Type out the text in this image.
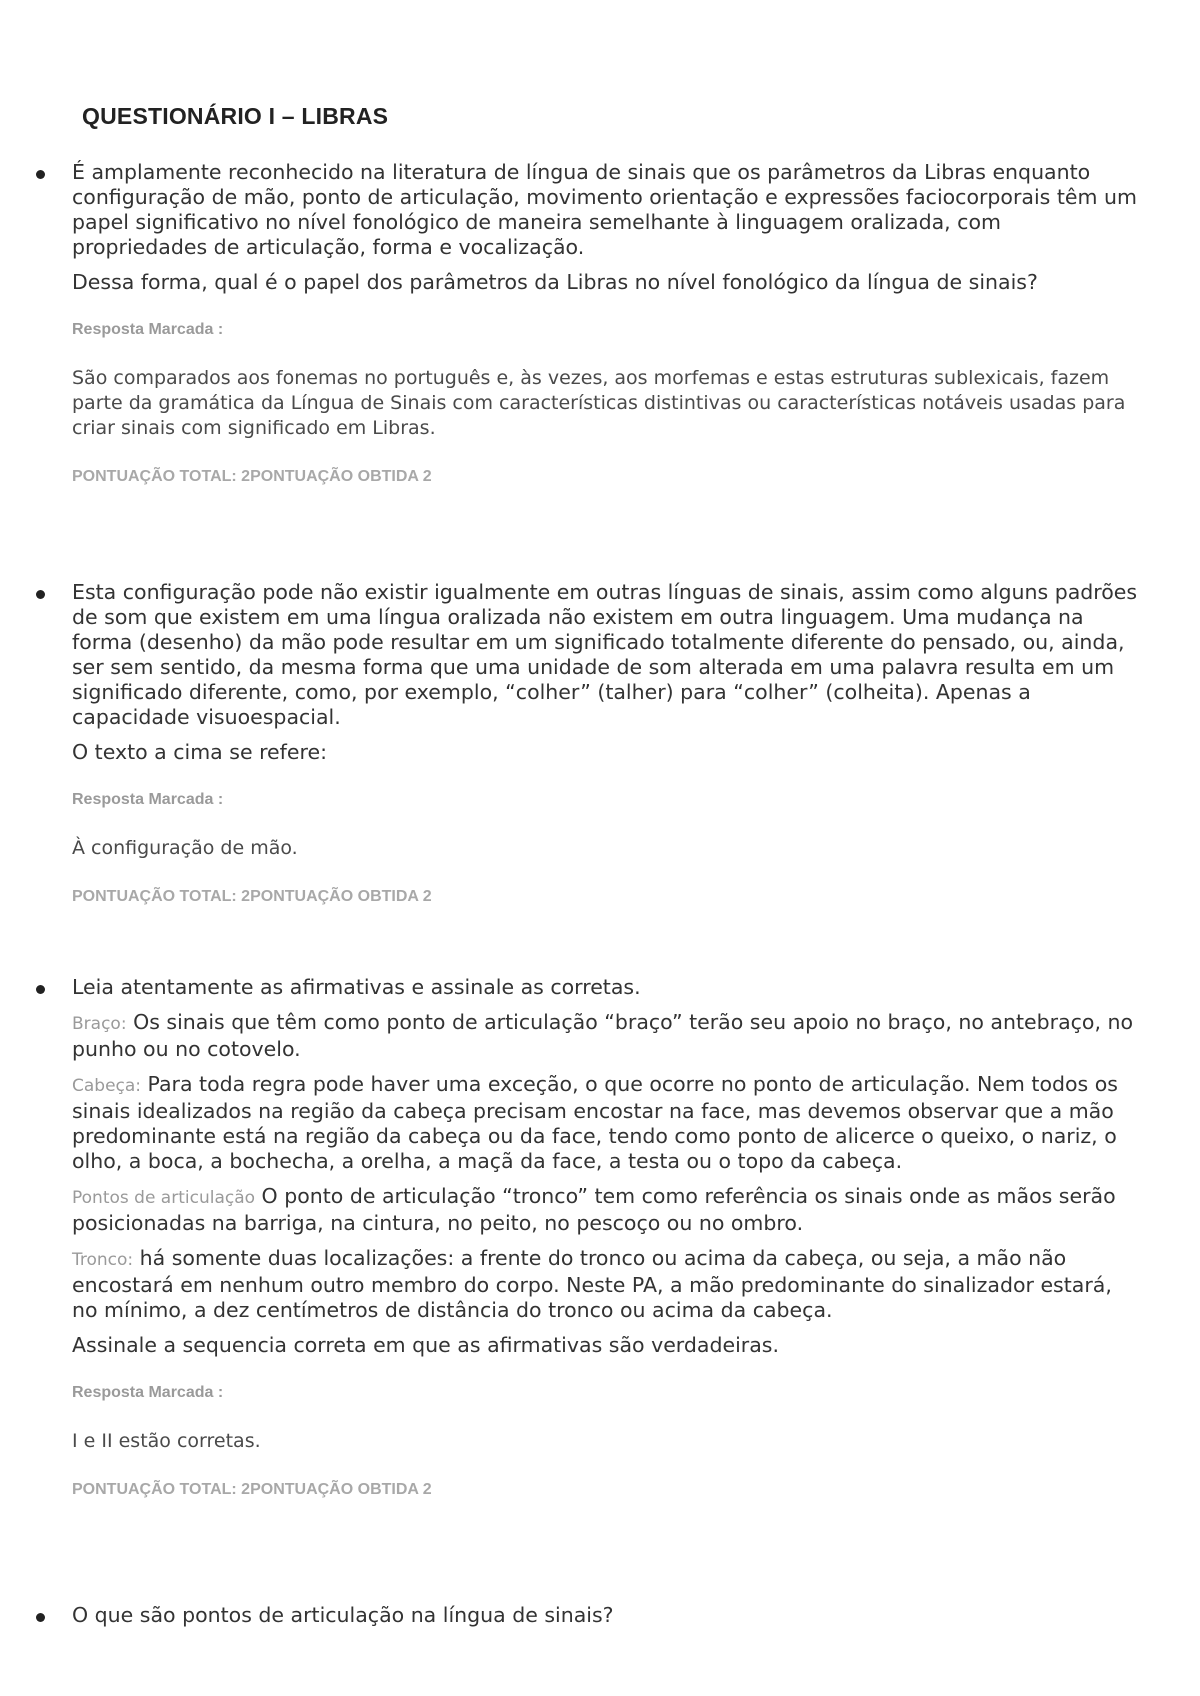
QUESTIONÁRIO I – LIBRAS

É amplamente reconhecido na literatura de língua de sinais que os parâmetros da Libras enquanto configuração de mão, ponto de articulação, movimento orientação e expressões faciocorporais têm um papel significativo no nível fonológico de maneira semelhante à linguagem oralizada, com propriedades de articulação, forma e vocalização.

Dessa forma, qual é o papel dos parâmetros da Libras no nível fonológico da língua de sinais?

Resposta Marcada :

São comparados aos fonemas no português e, às vezes, aos morfemas e estas estruturas sublexicais, fazem parte da gramática da Língua de Sinais com características distintivas ou características notáveis usadas para criar sinais com significado em Libras.

PONTUAÇÃO TOTAL: 2PONTUAÇÃO OBTIDA 2

Esta configuração pode não existir igualmente em outras línguas de sinais, assim como alguns padrões de som que existem em uma língua oralizada não existem em outra linguagem. Uma mudança na forma (desenho) da mão pode resultar em um significado totalmente diferente do pensado, ou, ainda, ser sem sentido, da mesma forma que uma unidade de som alterada em uma palavra resulta em um significado diferente, como, por exemplo, “colher” (talher) para “colher” (colheita). Apenas a capacidade visuoespacial.

O texto a cima se refere:

Resposta Marcada :

À configuração de mão.

PONTUAÇÃO TOTAL: 2PONTUAÇÃO OBTIDA 2

Leia atentamente as afirmativas e assinale as corretas.

Braço: Os sinais que têm como ponto de articulação “braço” terão seu apoio no braço, no antebraço, no punho ou no cotovelo.

Cabeça: Para toda regra pode haver uma exceção, o que ocorre no ponto de articulação. Nem todos os sinais idealizados na região da cabeça precisam encostar na face, mas devemos observar que a mão predominante está na região da cabeça ou da face, tendo como ponto de alicerce o queixo, o nariz, o olho, a boca, a bochecha, a orelha, a maçã da face, a testa ou o topo da cabeça.

Pontos de articulação O ponto de articulação “tronco” tem como referência os sinais onde as mãos serão posicionadas na barriga, na cintura, no peito, no pescoço ou no ombro.

Tronco: há somente duas localizações: a frente do tronco ou acima da cabeça, ou seja, a mão não encostará em nenhum outro membro do corpo. Neste PA, a mão predominante do sinalizador estará, no mínimo, a dez centímetros de distância do tronco ou acima da cabeça.

Assinale a sequencia correta em que as afirmativas são verdadeiras.

Resposta Marcada :

I e II estão corretas.

PONTUAÇÃO TOTAL: 2PONTUAÇÃO OBTIDA 2

O que são pontos de articulação na língua de sinais?
